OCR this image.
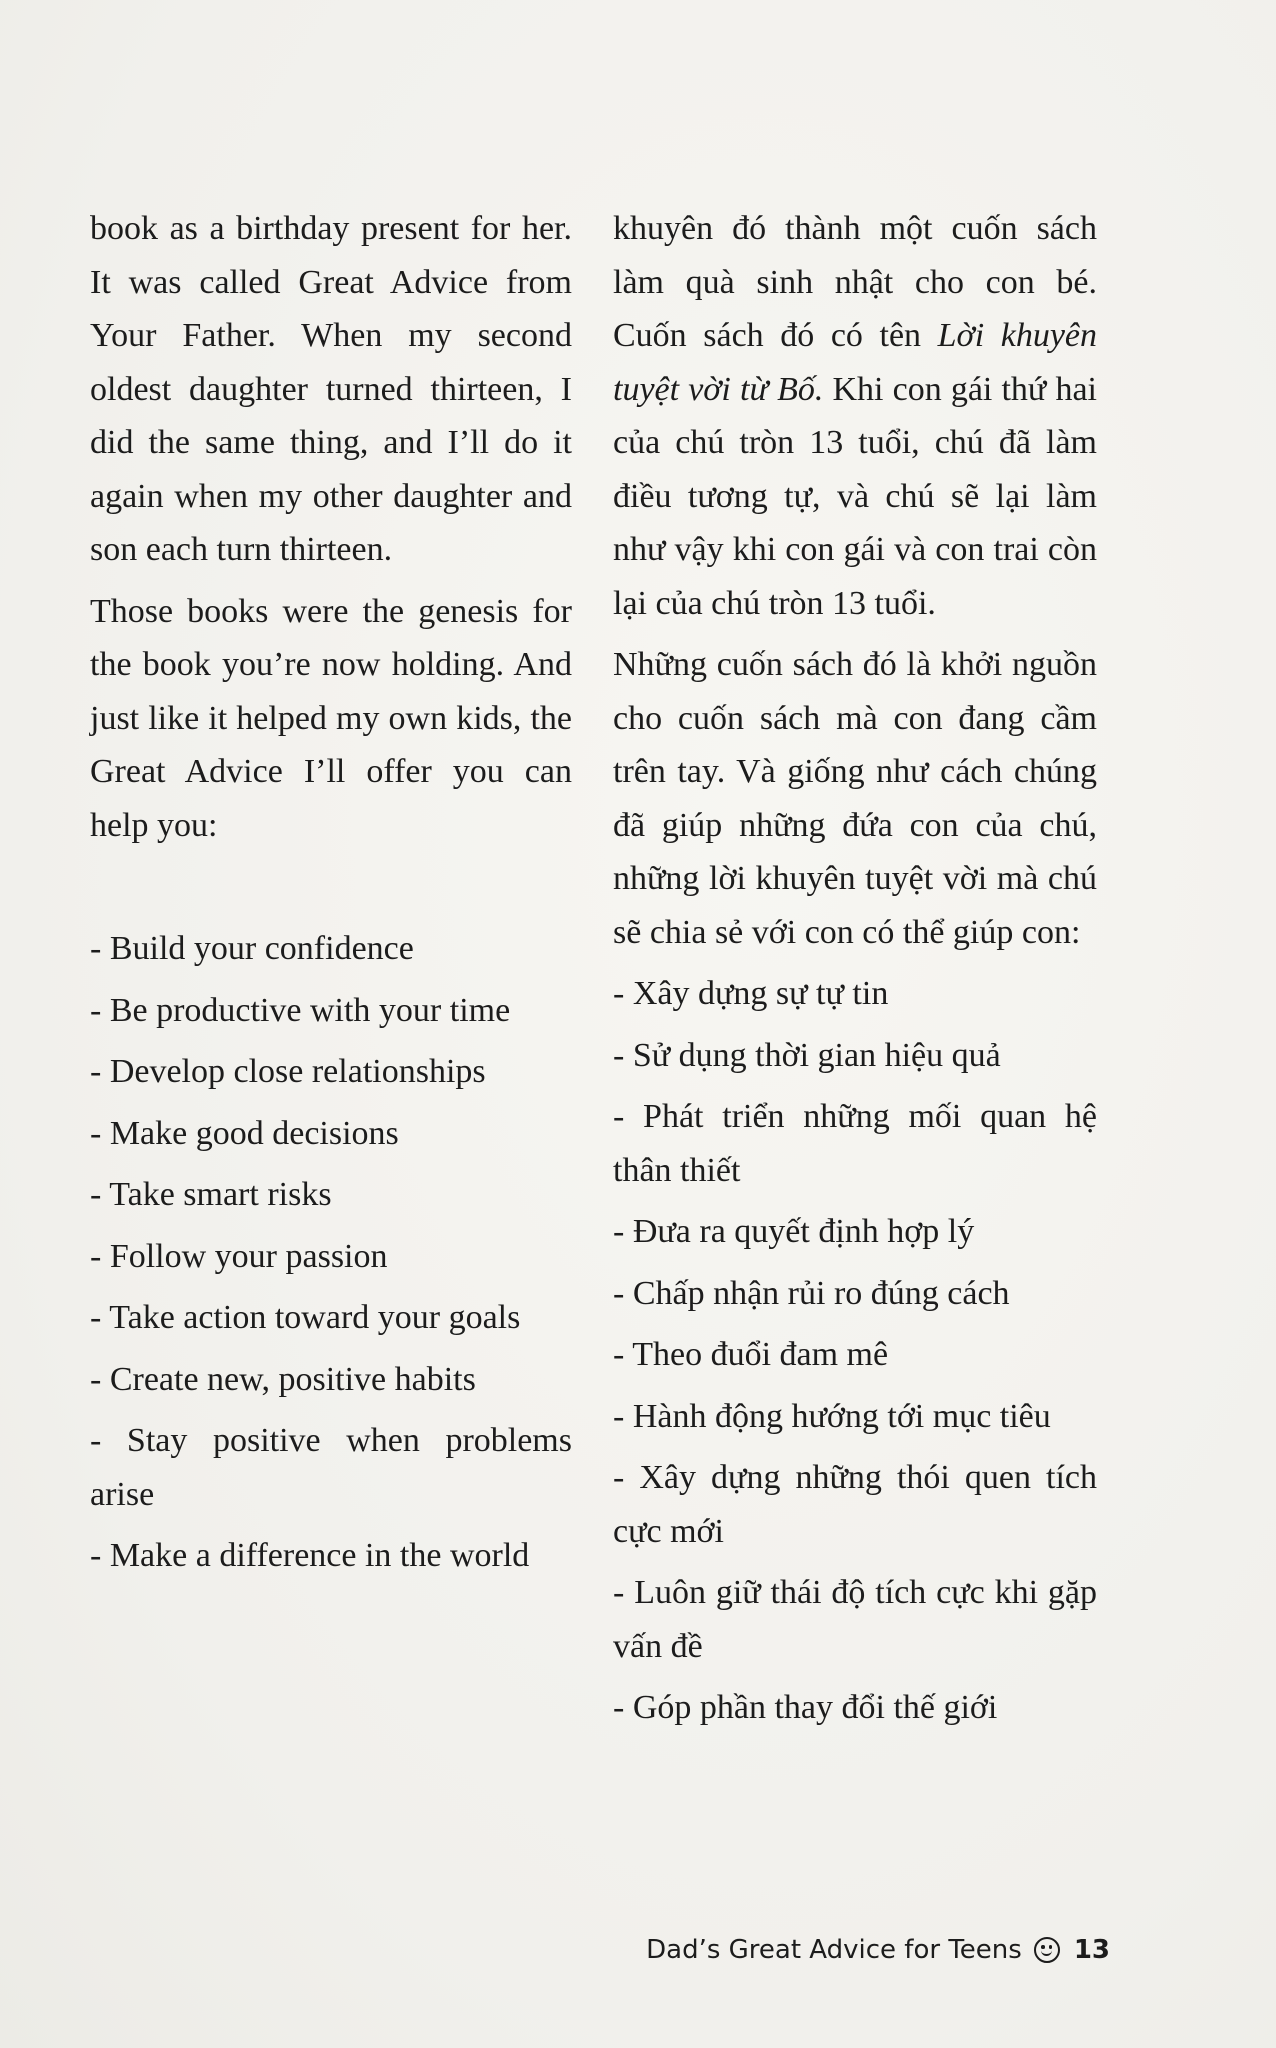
book as a birthday present for her. It was called Great Advice from Your Father. When my second oldest daughter turned thirteen, I did the same thing, and I’ll do it again when my other daughter and son each turn thirteen.

Those books were the genesis for the book you’re now holding. And just like it helped my own kids, the Great Advice I’ll offer you can help you:

- Build your confidence
- Be productive with your time
- Develop close relationships
- Make good decisions
- Take smart risks
- Follow your passion
- Take action toward your goals
- Create new, positive habits
- Stay positive when problems arise
- Make a difference in the world

khuyên đó thành một cuốn sách làm quà sinh nhật cho con bé. Cuốn sách đó có tên Lời khuyên tuyệt vời từ Bố. Khi con gái thứ hai của chú tròn 13 tuổi, chú đã làm điều tương tự, và chú sẽ lại làm như vậy khi con gái và con trai còn lại của chú tròn 13 tuổi.

Những cuốn sách đó là khởi nguồn cho cuốn sách mà con đang cầm trên tay. Và giống như cách chúng đã giúp những đứa con của chú, những lời khuyên tuyệt vời mà chú sẽ chia sẻ với con có thể giúp con:

- Xây dựng sự tự tin
- Sử dụng thời gian hiệu quả
- Phát triển những mối quan hệ thân thiết
- Đưa ra quyết định hợp lý
- Chấp nhận rủi ro đúng cách
- Theo đuổi đam mê
- Hành động hướng tới mục tiêu
- Xây dựng những thói quen tích cực mới
- Luôn giữ thái độ tích cực khi gặp vấn đề
- Góp phần thay đổi thế giới
Dad’s Great Advice for Teens 13
